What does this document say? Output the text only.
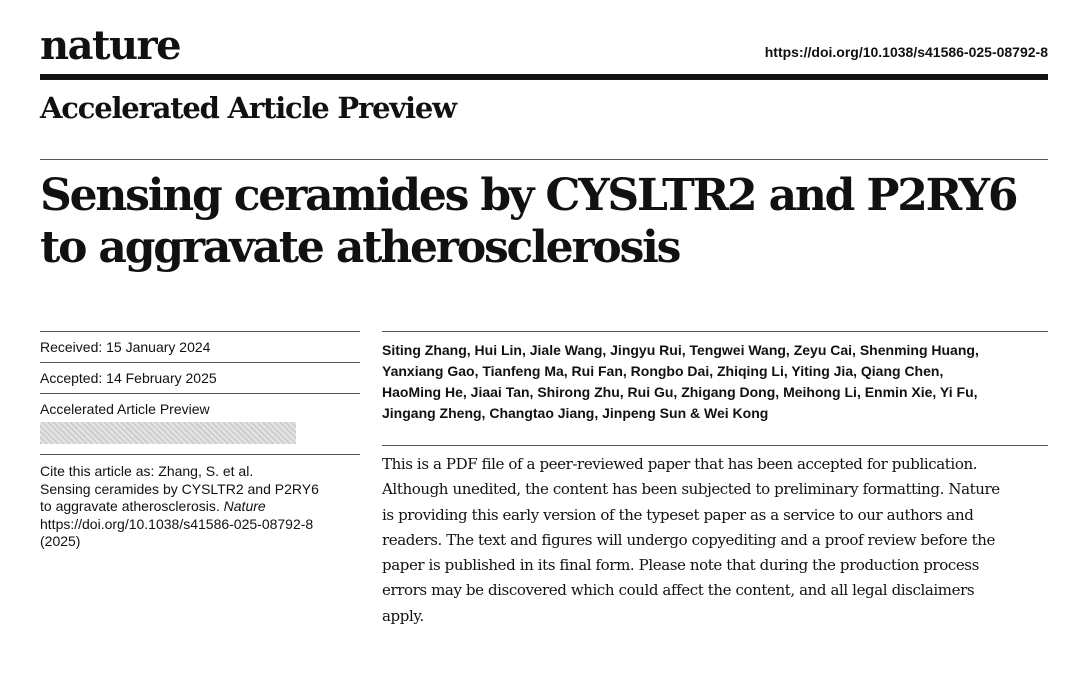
nature	https://doi.org/10.1038/s41586-025-08792-8
Accelerated Article Preview
Sensing ceramides by CYSLTR2 and P2RY6
to aggravate atherosclerosis
Received: 15 January 2024
Accepted: 14 February 2025
Accelerated Article Preview
Cite this article as: Zhang, S. et al.
Sensing ceramides by CYSLTR2 and P2RY6
to aggravate atherosclerosis. Nature
https://doi.org/10.1038/s41586-025-08792-8
(2025)
Siting Zhang, Hui Lin, Jiale Wang, Jingyu Rui, Tengwei Wang, Zeyu Cai, Shenming Huang,
Yanxiang Gao, Tianfeng Ma, Rui Fan, Rongbo Dai, Zhiqing Li, Yiting Jia, Qiang Chen,
HaoMing He, Jiaai Tan, Shirong Zhu, Rui Gu, Zhigang Dong, Meihong Li, Enmin Xie, Yi Fu,
Jingang Zheng, Changtao Jiang, Jinpeng Sun & Wei Kong
This is a PDF file of a peer-reviewed paper that has been accepted for publication.
Although unedited, the content has been subjected to preliminary formatting. Nature
is providing this early version of the typeset paper as a service to our authors and
readers. The text and figures will undergo copyediting and a proof review before the
paper is published in its final form. Please note that during the production process
errors may be discovered which could affect the content, and all legal disclaimers
apply.
